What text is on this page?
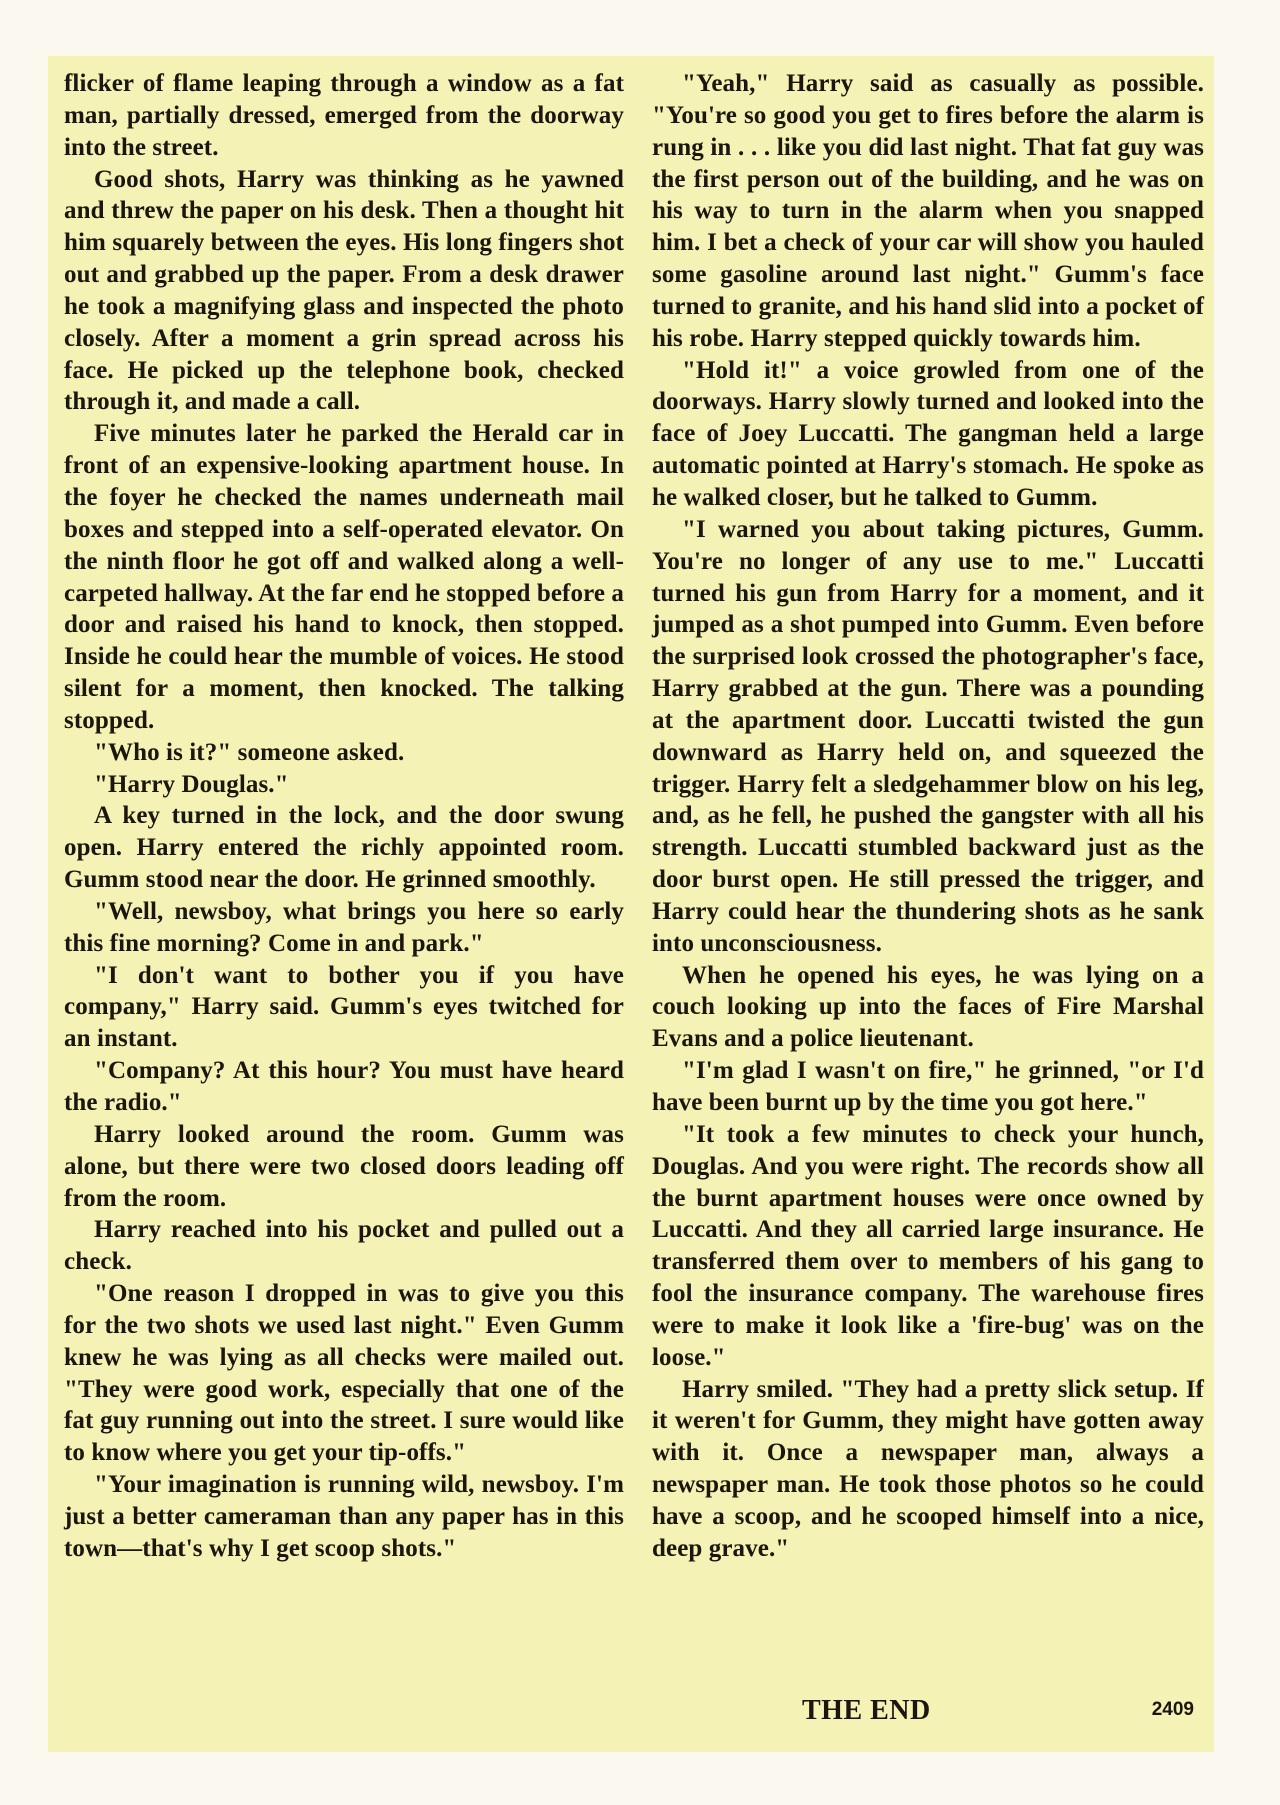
flicker of flame leaping through a window as a fat man, partially dressed, emerged from the doorway into the street.

Good shots, Harry was thinking as he yawned and threw the paper on his desk. Then a thought hit him squarely between the eyes. His long fingers shot out and grabbed up the paper. From a desk drawer he took a magnifying glass and inspected the photo closely. After a moment a grin spread across his face. He picked up the telephone book, checked through it, and made a call.

Five minutes later he parked the Herald car in front of an expensive-looking apartment house. In the foyer he checked the names underneath mail boxes and stepped into a self-operated elevator. On the ninth floor he got off and walked along a well-carpeted hallway. At the far end he stopped before a door and raised his hand to knock, then stopped. Inside he could hear the mumble of voices. He stood silent for a moment, then knocked. The talking stopped.

"Who is it?" someone asked.

"Harry Douglas."

A key turned in the lock, and the door swung open. Harry entered the richly appointed room. Gumm stood near the door. He grinned smoothly.

"Well, newsboy, what brings you here so early this fine morning? Come in and park."

"I don't want to bother you if you have company," Harry said. Gumm's eyes twitched for an instant.

"Company? At this hour? You must have heard the radio."

Harry looked around the room. Gumm was alone, but there were two closed doors leading off from the room.

Harry reached into his pocket and pulled out a check.

"One reason I dropped in was to give you this for the two shots we used last night." Even Gumm knew he was lying as all checks were mailed out. "They were good work, especially that one of the fat guy running out into the street. I sure would like to know where you get your tip-offs."

"Your imagination is running wild, newsboy. I'm just a better cameraman than any paper has in this town—that's why I get scoop shots."

"Yeah," Harry said as casually as possible. "You're so good you get to fires before the alarm is rung in . . . like you did last night. That fat guy was the first person out of the building, and he was on his way to turn in the alarm when you snapped him. I bet a check of your car will show you hauled some gasoline around last night." Gumm's face turned to granite, and his hand slid into a pocket of his robe. Harry stepped quickly towards him.

"Hold it!" a voice growled from one of the doorways. Harry slowly turned and looked into the face of Joey Luccatti. The gangman held a large automatic pointed at Harry's stomach. He spoke as he walked closer, but he talked to Gumm.

"I warned you about taking pictures, Gumm. You're no longer of any use to me." Luccatti turned his gun from Harry for a moment, and it jumped as a shot pumped into Gumm. Even before the surprised look crossed the photographer's face, Harry grabbed at the gun. There was a pounding at the apartment door. Luccatti twisted the gun downward as Harry held on, and squeezed the trigger. Harry felt a sledgehammer blow on his leg, and, as he fell, he pushed the gangster with all his strength. Luccatti stumbled backward just as the door burst open. He still pressed the trigger, and Harry could hear the thundering shots as he sank into unconsciousness.

When he opened his eyes, he was lying on a couch looking up into the faces of Fire Marshal Evans and a police lieutenant.

"I'm glad I wasn't on fire," he grinned, "or I'd have been burnt up by the time you got here."

"It took a few minutes to check your hunch, Douglas. And you were right. The records show all the burnt apartment houses were once owned by Luccatti. And they all carried large insurance. He transferred them over to members of his gang to fool the insurance company. The warehouse fires were to make it look like a 'fire-bug' was on the loose."

Harry smiled. "They had a pretty slick setup. If it weren't for Gumm, they might have gotten away with it. Once a newspaper man, always a newspaper man. He took those photos so he could have a scoop, and he scooped himself into a nice, deep grave."

THE END	2409
